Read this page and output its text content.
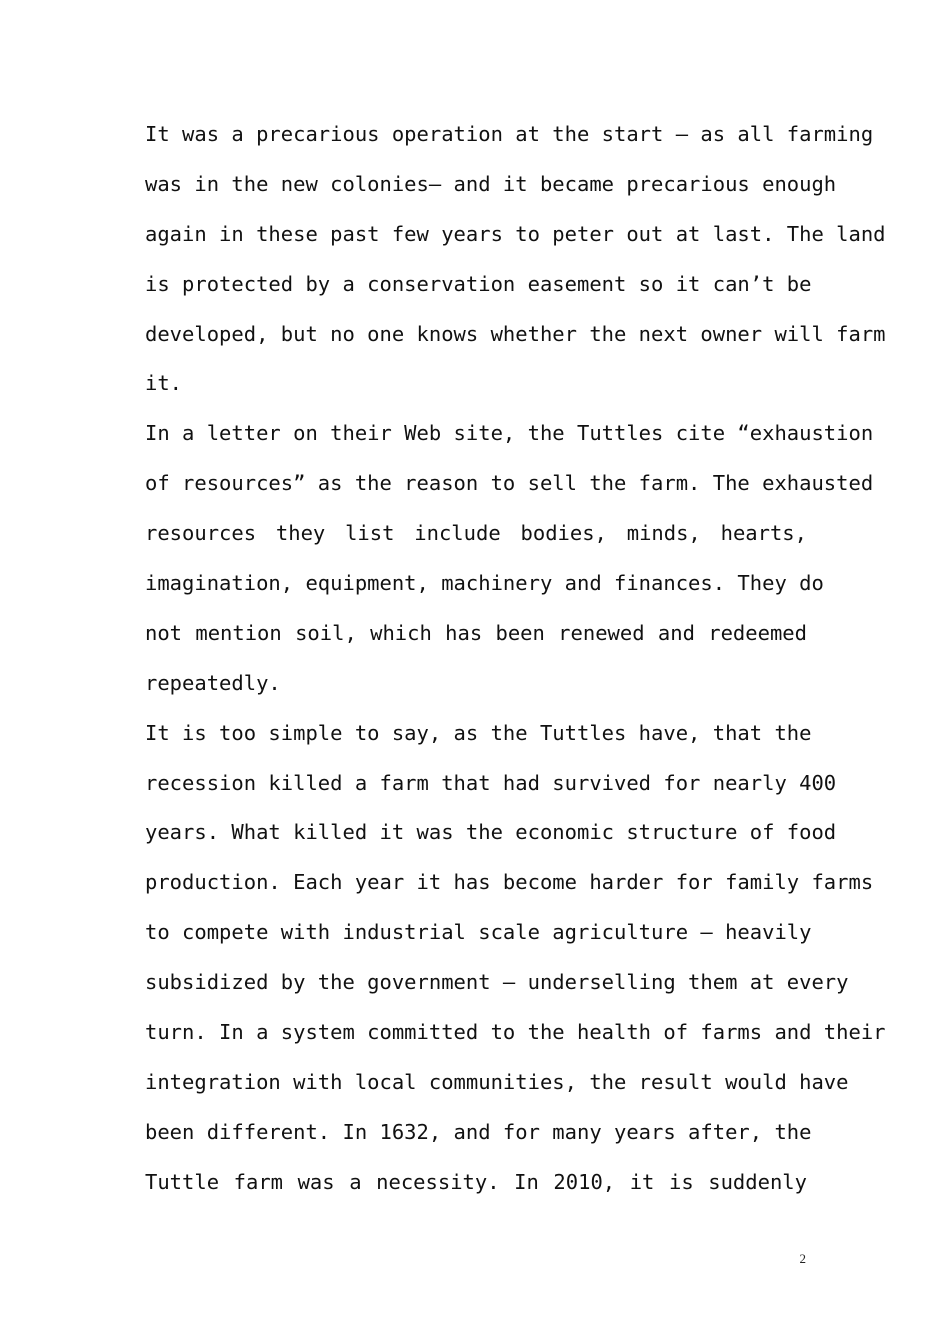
It was a precarious operation at the start — as all farming
was in the new colonies— and it became precarious enough
again in these past few years to peter out at last. The land
is protected by a conservation easement so it can’t be
developed, but no one knows whether the next owner will farm
it.
In a letter on their Web site, the Tuttles cite “exhaustion
of resources” as the reason to sell the farm. The exhausted
resources they list include bodies, minds, hearts,
imagination, equipment, machinery and finances. They do
not mention soil, which has been renewed and redeemed
repeatedly.
It is too simple to say, as the Tuttles have, that the
recession killed a farm that had survived for nearly 400
years. What killed it was the economic structure of food
production. Each year it has become harder for family farms
to compete with industrial scale agriculture — heavily
subsidized by the government — underselling them at every
turn. In a system committed to the health of farms and their
integration with local communities, the result would have
been different. In 1632, and for many years after, the
Tuttle farm was a necessity. In 2010, it is suddenly
2
